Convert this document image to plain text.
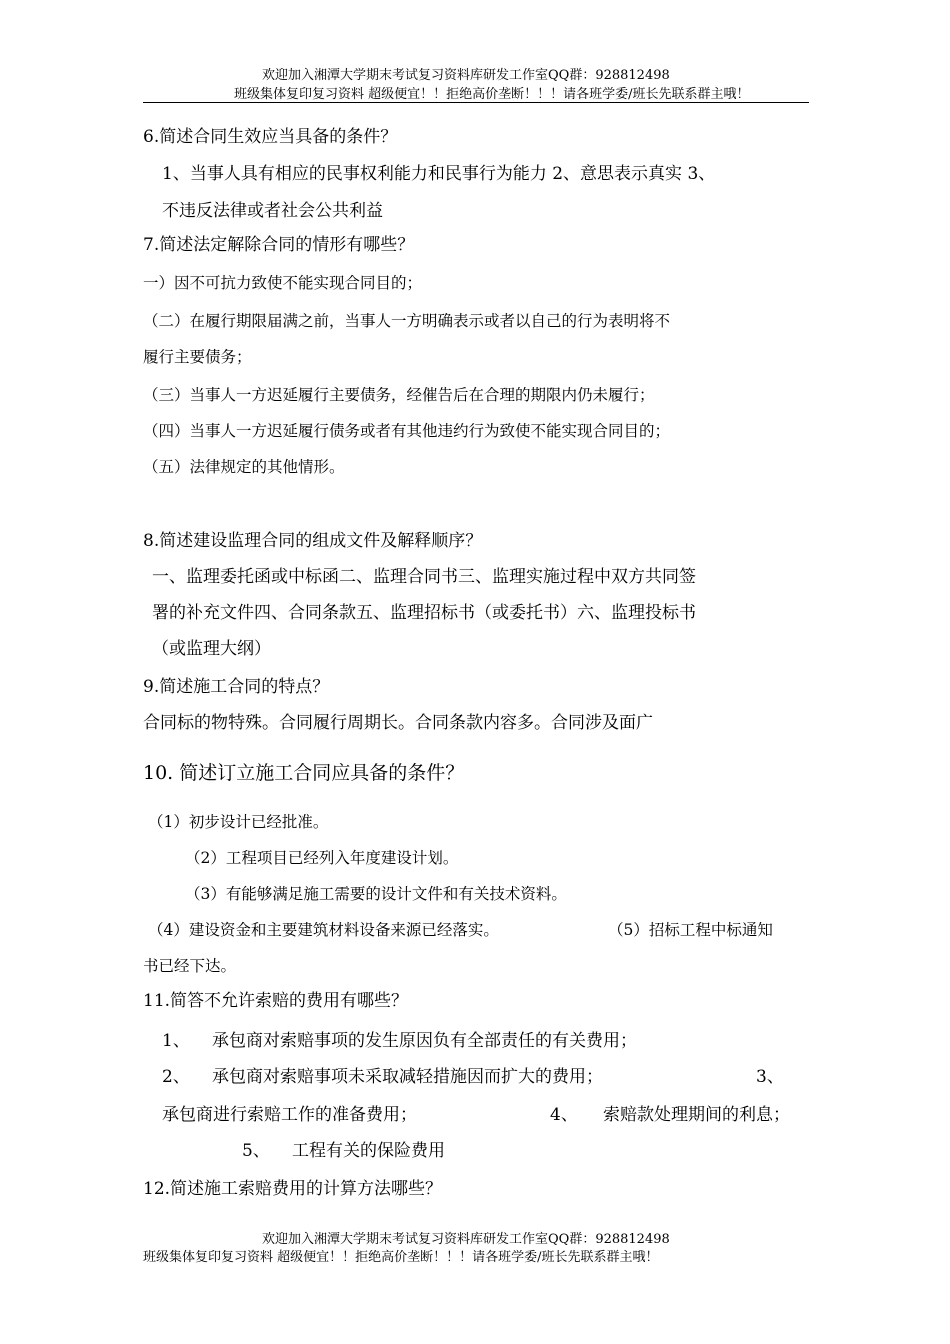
欢迎加入湘潭大学期末考试复习资料库研发工作室QQ群：928812498
班级集体复印复习资料 超级便宜！！拒绝高价垄断！！！请各班学委/班长先联系群主哦！
6.简述合同生效应当具备的条件？
1、当事人具有相应的民事权利能力和民事行为能力 2、意思表示真实 3、
不违反法律或者社会公共利益
7.简述法定解除合同的情形有哪些？
一）因不可抗力致使不能实现合同目的；
（二）在履行期限届满之前，当事人一方明确表示或者以自己的行为表明将不
履行主要债务；
（三）当事人一方迟延履行主要债务，经催告后在合理的期限内仍未履行；
（四）当事人一方迟延履行债务或者有其他违约行为致使不能实现合同目的；
（五）法律规定的其他情形。
8.简述建设监理合同的组成文件及解释顺序？
一、监理委托函或中标函二、监理合同书三、监理实施过程中双方共同签
署的补充文件四、合同条款五、监理招标书（或委托书）六、监理投标书
（或监理大纲）
9.简述施工合同的特点？
合同标的物特殊。合同履行周期长。合同条款内容多。合同涉及面广
10. 简述订立施工合同应具备的条件？
（1）初步设计已经批准。
（2）工程项目已经列入年度建设计划。
（3）有能够满足施工需要的设计文件和有关技术资料。
（4）建设资金和主要建筑材料设备来源已经落实。	（5）招标工程中标通知
书已经下达。
11.简答不允许索赔的费用有哪些？
1、 承包商对索赔事项的发生原因负有全部责任的有关费用；
2、 承包商对索赔事项未采取减轻措施因而扩大的费用；	3、
承包商进行索赔工作的准备费用；	4、 索赔款处理期间的利息；
5、 工程有关的保险费用
12.简述施工索赔费用的计算方法哪些？
欢迎加入湘潭大学期末考试复习资料库研发工作室QQ群：928812498
班级集体复印复习资料 超级便宜！！拒绝高价垄断！！！请各班学委/班长先联系群主哦！
